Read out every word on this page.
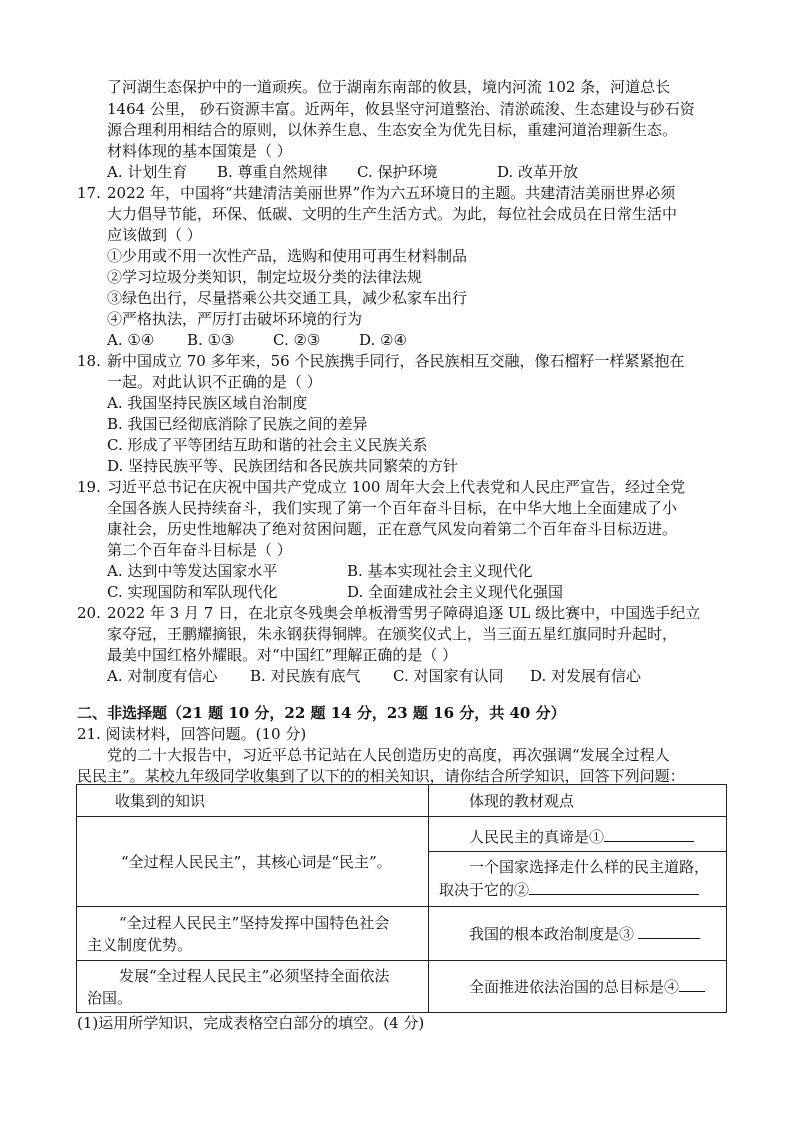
了河湖生态保护中的一道顽疾。位于湖南东南部的攸县，境内河流 102 条，河道总长
1464 公里， 砂石资源丰富。近两年，攸县坚守河道整治、清淤疏浚、生态建设与砂石资
源合理利用相结合的原则，以休养生息、生态安全为优先目标，重建河道治理新生态。
材料体现的基本国策是（ ）
A. 计划生育 B. 尊重自然规律 C. 保护环境	D. 改革开放
17. 2022 年，中国将“共建清洁美丽世界”作为六五环境日的主题。共建清洁美丽世界必须
大力倡导节能，环保、低碳、文明的生产生活方式。为此，每位社会成员在日常生活中
应该做到（ ）
①少用或不用一次性产品，选购和使用可再生材料制品
②学习垃圾分类知识，制定垃圾分类的法律法规
③绿色出行，尽量搭乘公共交通工具，减少私家车出行
④严格执法，严厉打击破坏环境的行为
A. ①④ B. ①③	C. ②③	D. ②④
18. 新中国成立 70 多年来，56 个民族携手同行，各民族相互交融，像石榴籽一样紧紧抱在
一起。对此认识不正确的是（ ）
A. 我国坚持民族区域自治制度
B. 我国已经彻底消除了民族之间的差异
C. 形成了平等团结互助和谐的社会主义民族关系
D. 坚持民族平等、民族团结和各民族共同繁荣的方针
19. 习近平总书记在庆祝中国共产党成立 100 周年大会上代表党和人民庄严宣告，经过全党
全国各族人民持续奋斗，我们实现了第一个百年奋斗目标，在中华大地上全面建成了小
康社会，历史性地解决了绝对贫困问题，正在意气风发向着第二个百年奋斗目标迈进。
第二个百年奋斗目标是（ ）
A. 达到中等发达国家水平	B. 基本实现社会主义现代化
C. 实现国防和军队现代化	D. 全面建成社会主义现代化强国
20. 2022 年 3 月 7 日，在北京冬残奥会单板滑雪男子障碍追逐 UL 级比赛中，中国选手纪立
家夺冠，王鹏耀摘银，朱永钢获得铜牌。在颁奖仪式上，当三面五星红旗同时升起时，
最美中国红格外耀眼。对“中国红”理解正确的是（ ）
A. 对制度有信心 B. 对民族有底气 C. 对国家有认同 D. 对发展有信心
二、非选择题（21 题 10 分，22 题 14 分，23 题 16 分，共 40 分）
21. 阅读材料，回答问题。(10 分)
党的二十大报告中，习近平总书记站在人民创造历史的高度，再次强调“发展全过程人
民民主”。某校九年级同学收集到了以下的的相关知识，请你结合所学知识，回答下列问题：
收集到的知识	体现的教材观点
“全过程人民民主”，其核心词是“民主”。	人民民主的真谛是①
一个国家选择走什么样的民主道路，
取决于它的②

“全过程人民民主”坚持发挥中国特色社会
主义制度优势。	我国的根本政治制度是③

发展“全过程人民民主”必须坚持全面依法
治国。	全面推进依法治国的总目标是④
(1)运用所学知识，完成表格空白部分的填空。(4 分)
